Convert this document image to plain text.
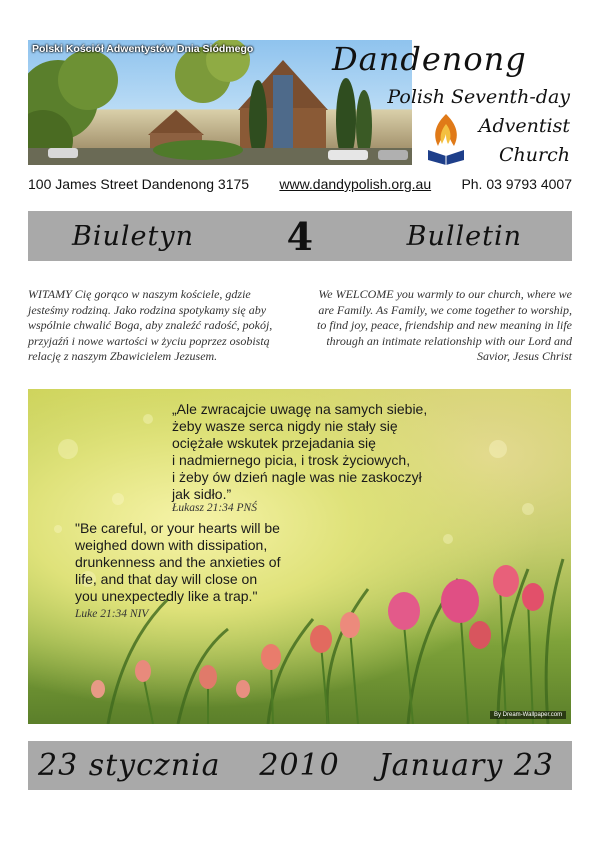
Polski Kościół Adwentystów Dnia Siódmego Dandenong
Polish Seventh-day
Adventist
Church
100 James Street Dandenong 3175 www.dandypolish.org.au Ph. 03 9793 4007
Biuletyn 4	Bulletin
WITAMY Cię gorąco w naszym kościele, gdzie jesteśmy rodziną. Jako rodzina spotykamy się aby wspólnie chwalić Boga, aby znaleźć radość, pokój, przyjaźń i nowe wartości w życiu poprzez osobistą relację z naszym Zbawicielem Jezusem.
We WELCOME you warmly to our church, where we are Family. As Family, we come together to worship, to find joy, peace, friendship and new meaning in life through an intimate relationship with our Lord and Savior, Jesus Christ
„Ale zwracajcie uwagę na samych siebie,
żeby wasze serca nigdy nie stały się
ociężałe wskutek przejadania się
i nadmiernego picia, i trosk życiowych,
i żeby ów dzień nagle was nie zaskoczył
jak sidło.”
Łukasz 21:34 PNŚ
"Be careful, or your hearts will be
weighed down with dissipation,
drunkenness and the anxieties of
life, and that day will close on
you unexpectedly like a trap."
Luke 21:34 NIV
By Dream-Wallpaper.com
23 stycznia 2010 January 23
